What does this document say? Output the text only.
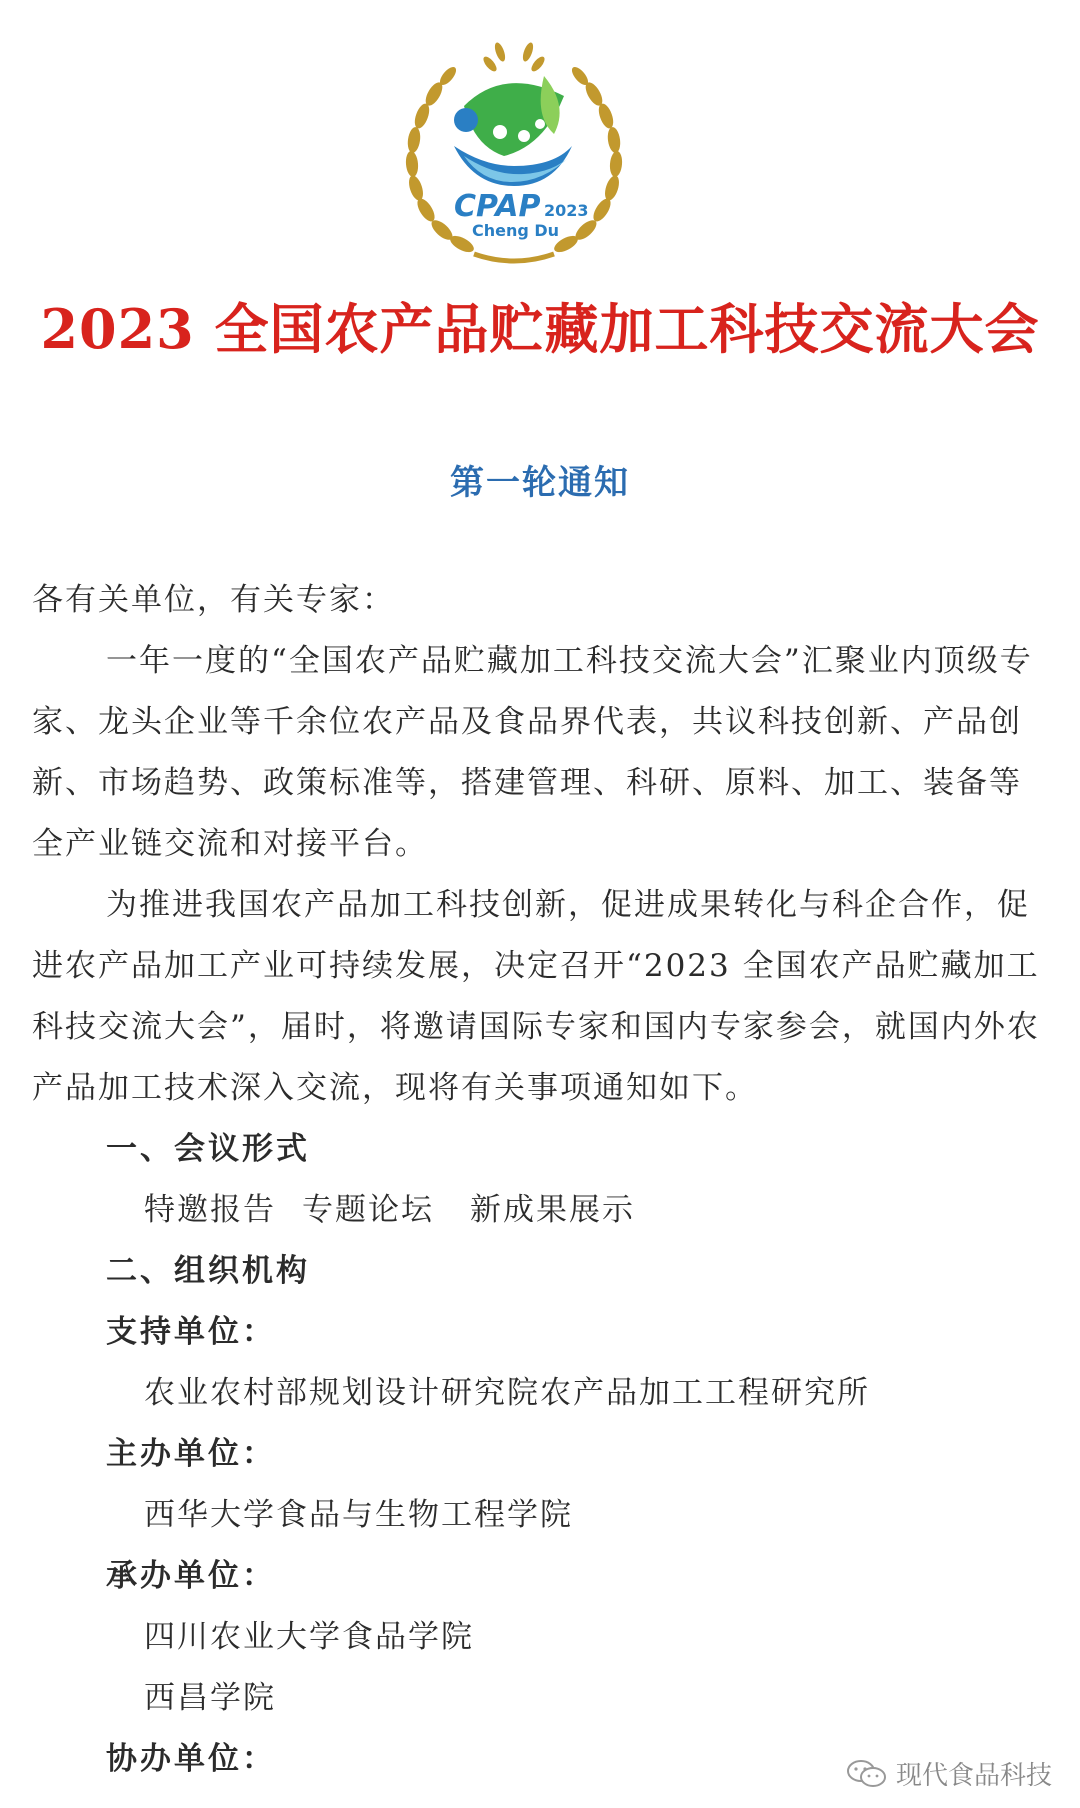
CPAP 2023
Cheng Du
2023 全国农产品贮藏加工科技交流大会
第一轮通知

各有关单位，有关专家：

一年一度的“全国农产品贮藏加工科技交流大会”汇聚业内顶级专家、龙头企业等千余位农产品及食品界代表，共议科技创新、产品创新、市场趋势、政策标准等，搭建管理、科研、原料、加工、装备等全产业链交流和对接平台。

为推进我国农产品加工科技创新，促进成果转化与科企合作，促进农产品加工产业可持续发展，决定召开“2023 全国农产品贮藏加工科技交流大会”，届时，将邀请国际专家和国内专家参会，就国内外农产品加工技术深入交流，现将有关事项通知如下。

一、会议形式

特邀报告 专题论坛 新成果展示

二、组织机构

支持单位：

农业农村部规划设计研究院农产品加工工程研究所

主办单位：

西华大学食品与生物工程学院

承办单位：

四川农业大学食品学院

西昌学院

协办单位：	现代食品科技
